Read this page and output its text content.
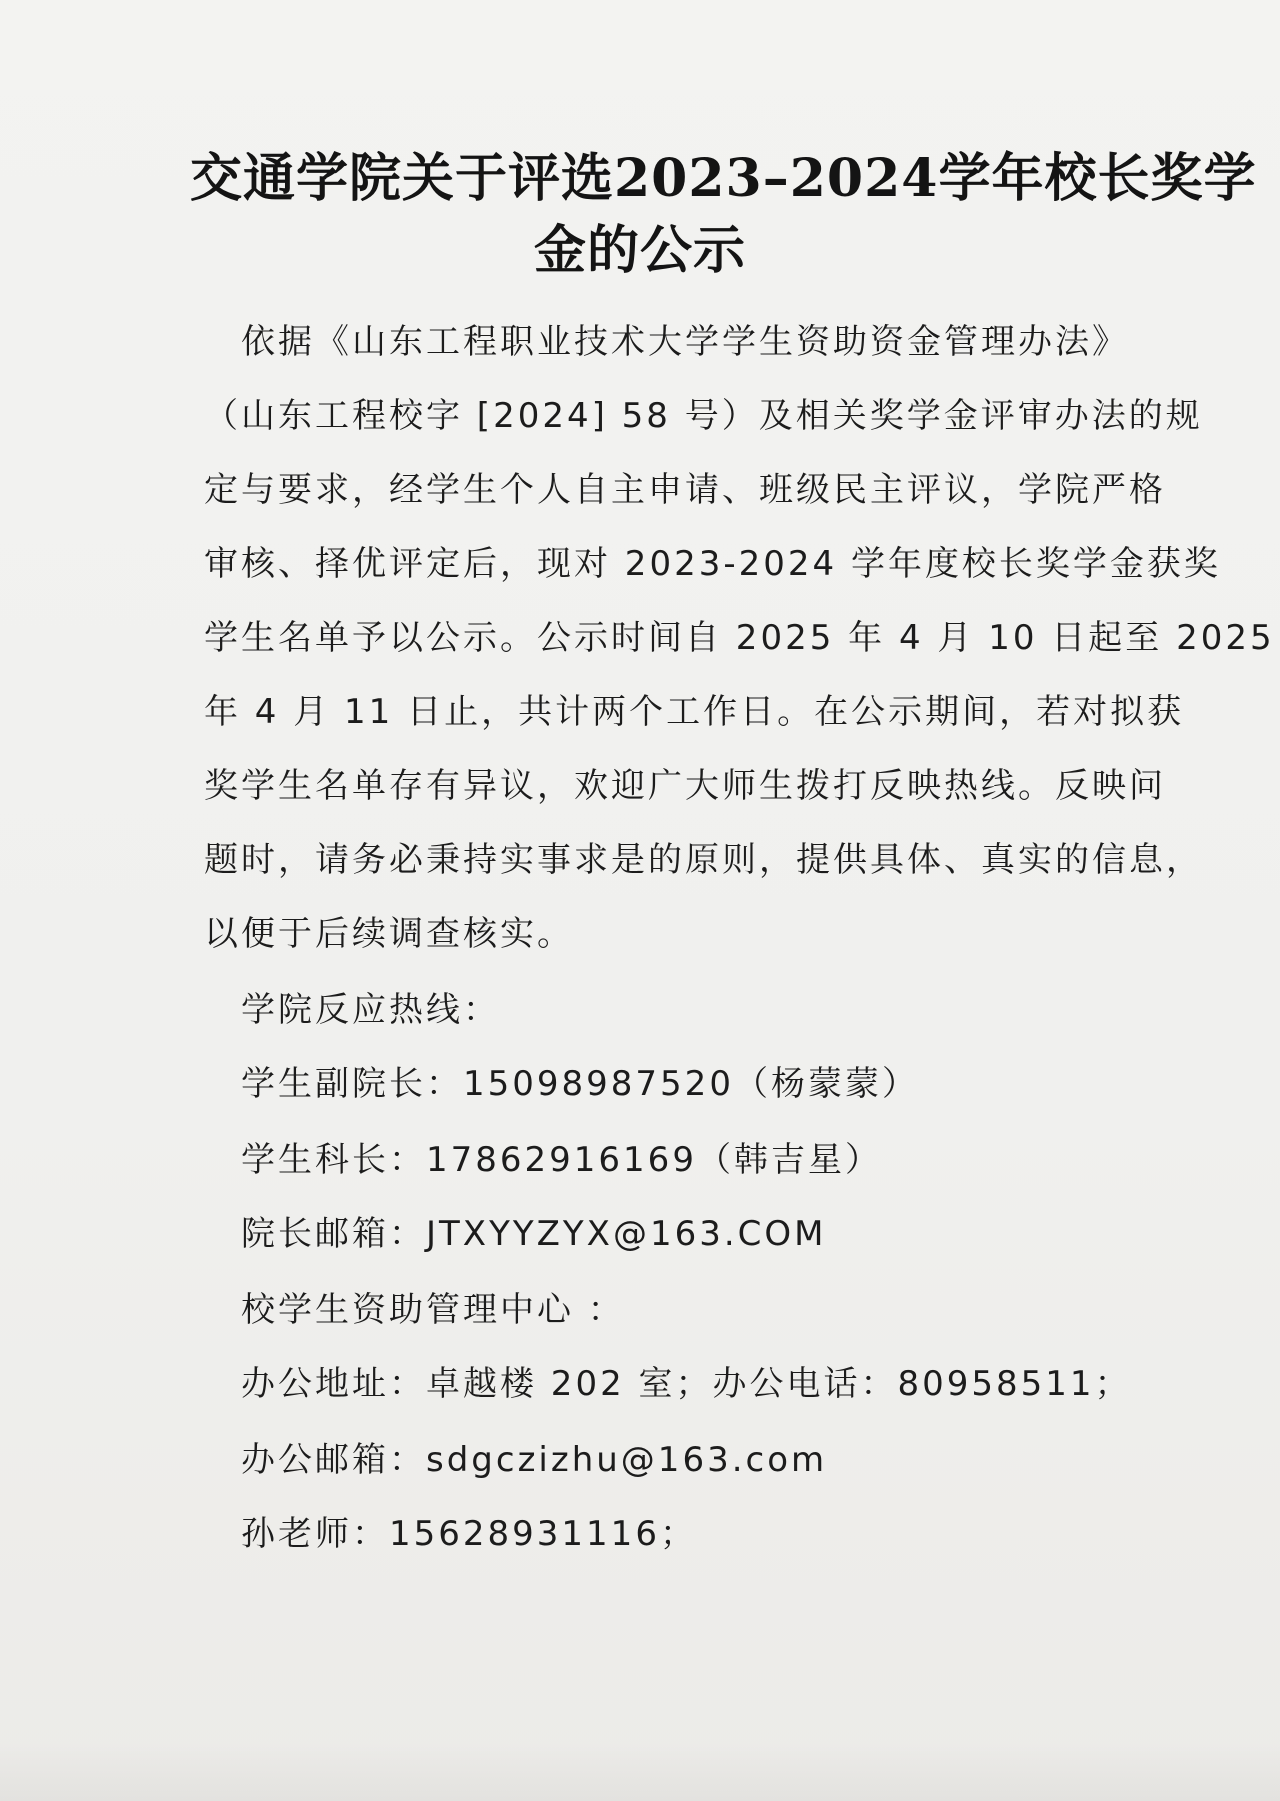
交通学院关于评选2023–2024学年校长奖学
金的公示
　依据《山东工程职业技术大学学生资助资金管理办法》
（山东工程校字 [2024] 58 号）及相关奖学金评审办法的规
定与要求，经学生个人自主申请、班级民主评议，学院严格
审核、择优评定后，现对 2023-2024 学年度校长奖学金获奖
学生名单予以公示。公示时间自 2025 年 4 月 10 日起至 2025
年 4 月 11 日止，共计两个工作日。在公示期间，若对拟获
奖学生名单存有异议，欢迎广大师生拨打反映热线。反映问
题时，请务必秉持实事求是的原则，提供具体、真实的信息，
以便于后续调查核实。
　学院反应热线：
　学生副院长：15098987520（杨蒙蒙）
　学生科长：17862916169（韩吉星）
　院长邮箱：JTXYYZYX@163.COM
　校学生资助管理中心 ：
　办公地址：卓越楼 202 室；办公电话：80958511；
　办公邮箱：sdgczizhu@163.com
　孙老师：15628931116；
